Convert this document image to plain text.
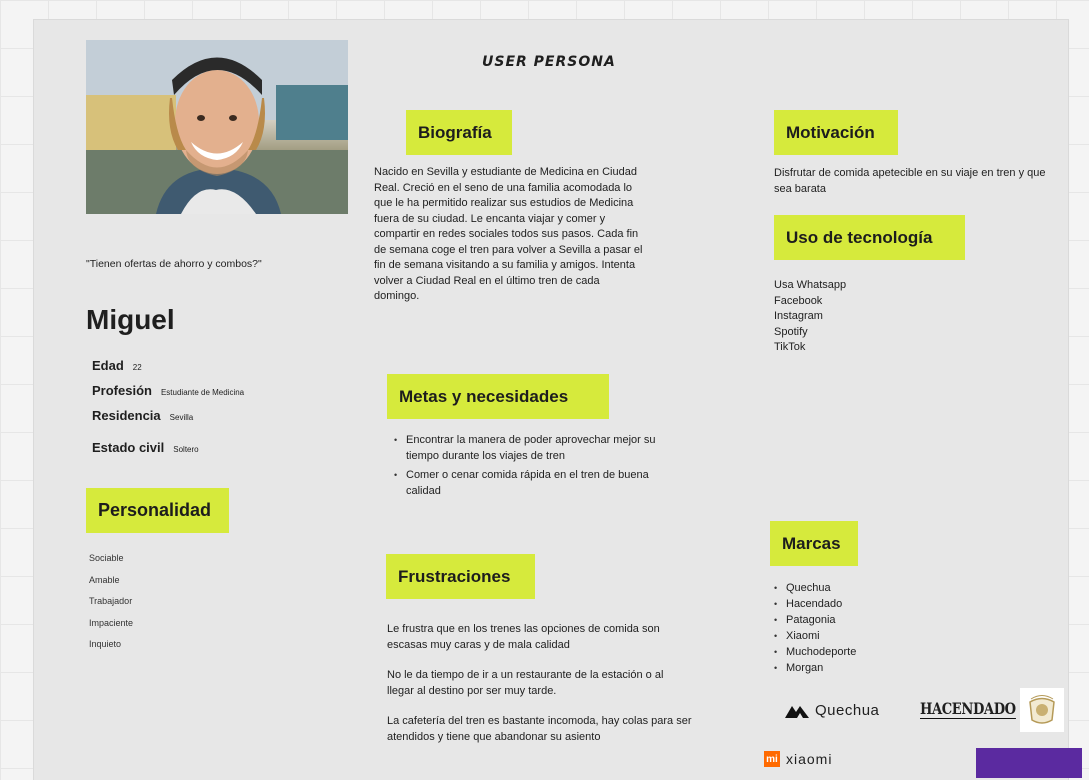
USER PERSONA
"Tienen ofertas de ahorro y combos?"
Miguel
Edad 22
Profesión Estudiante de Medicina
Residencia Sevilla
Estado civil Soltero
Personalidad
Sociable
Amable
Trabajador
Impaciente
Inquieto
Biografía
Nacido en Sevilla y estudiante de Medicina en Ciudad Real. Creció en el seno de una familia acomodada lo que le ha permitido realizar sus estudios de Medicina fuera de su ciudad. Le encanta viajar y comer y compartir en redes sociales todos sus pasos. Cada fin de semana coge el tren para volver a Sevilla a pasar el fin de semana visitando a su familia y amigos. Intenta volver a Ciudad Real en el último tren de cada domingo.
Metas y necesidades
• Encontrar la manera de poder aprovechar mejor su tiempo durante los viajes de tren
• Comer o cenar comida rápida en el tren de buena calidad
Frustraciones
Le frustra que en los trenes las opciones de comida son escasas muy caras y de mala calidad
No le da tiempo de ir a un restaurante de la estación o al llegar al destino por ser muy tarde.
La cafetería del tren es bastante incomoda, hay colas para ser atendidos y tiene que abandonar su asiento
Motivación
Disfrutar de comida apetecible en su viaje en tren y que sea barata
Uso de tecnología
Usa Whatsapp
Facebook
Instagram
Spotify
TikTok
Marcas
• Quechua
• Hacendado
• Patagonia
• Xiaomi
• Muchodeporte
• Morgan
Quechua	HACENDADO
mi xiaomi
